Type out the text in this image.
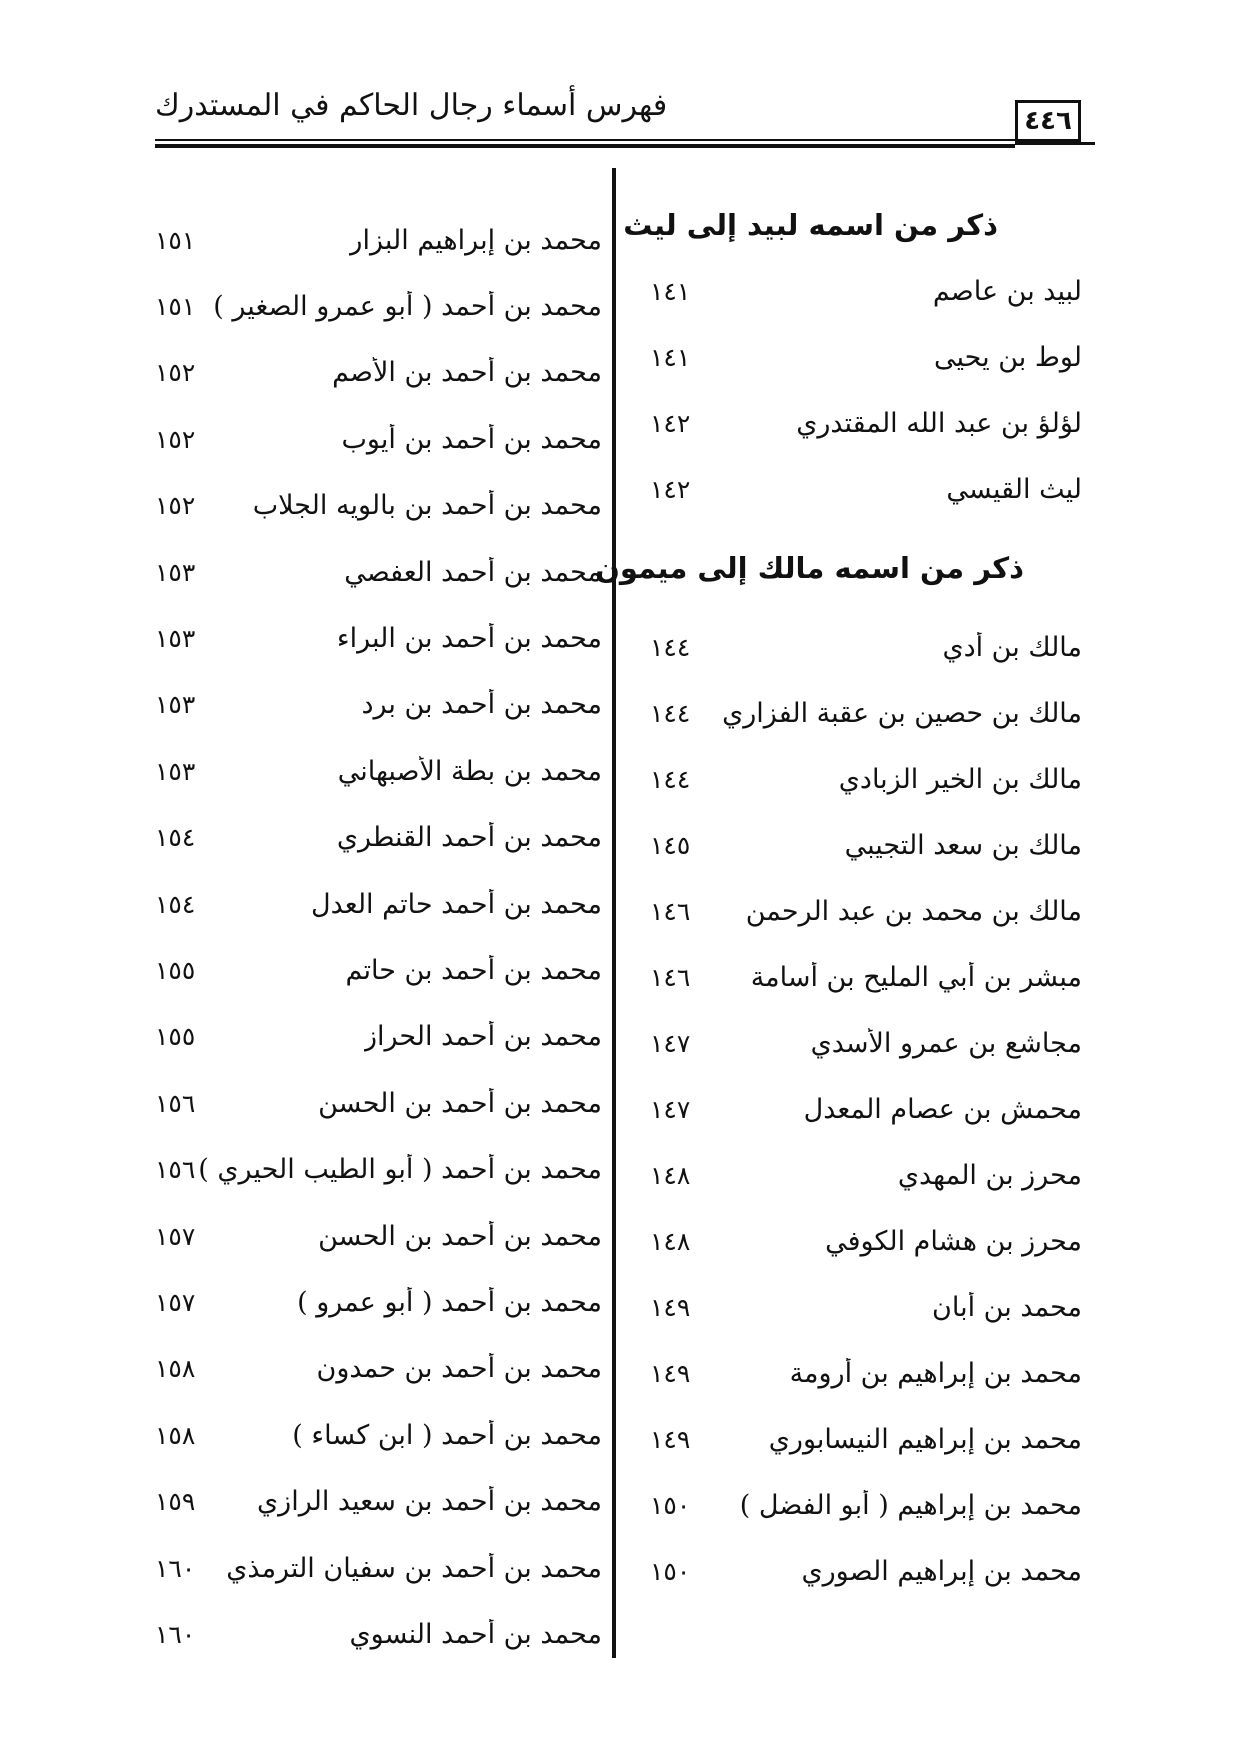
فهرس أسماء رجال الحاكم في المستدرك	٤٤٦
ذكر من اسمه لبيد إلى ليث
لبيد بن عاصم
١٤١
لوط بن يحيى
١٤١
لؤلؤ بن عبد الله المقتدري
١٤٢
ليث القيسي
١٤٢
ذكر من اسمه مالك إلى ميمون
مالك بن أدي
١٤٤
مالك بن حصين بن عقبة الفزاري
١٤٤
مالك بن الخير الزبادي
١٤٤
مالك بن سعد التجيبي
١٤٥
مالك بن محمد بن عبد الرحمن
١٤٦
مبشر بن أبي المليح بن أسامة
١٤٦
مجاشع بن عمرو الأسدي
١٤٧
محمش بن عصام المعدل
١٤٧
محرز بن المهدي
١٤٨
محرز بن هشام الكوفي
١٤٨
محمد بن أبان
١٤٩
محمد بن إبراهيم بن أرومة
١٤٩
محمد بن إبراهيم النيسابوري
١٤٩
محمد بن إبراهيم ( أبو الفضل )
١٥٠
محمد بن إبراهيم الصوري
١٥٠
محمد بن إبراهيم البزار
١٥١
محمد بن أحمد ( أبو عمرو الصغير )
١٥١
محمد بن أحمد بن الأصم
١٥٢
محمد بن أحمد بن أيوب
١٥٢
محمد بن أحمد بن بالويه الجلاب
١٥٢
محمد بن أحمد العفصي
١٥٣
محمد بن أحمد بن البراء
١٥٣
محمد بن أحمد بن برد
١٥٣
محمد بن بطة الأصبهاني
١٥٣
محمد بن أحمد القنطري
١٥٤
محمد بن أحمد حاتم العدل
١٥٤
محمد بن أحمد بن حاتم
١٥٥
محمد بن أحمد الحراز
١٥٥
محمد بن أحمد بن الحسن
١٥٦
محمد بن أحمد ( أبو الطيب الحيري )
١٥٦
محمد بن أحمد بن الحسن
١٥٧
محمد بن أحمد ( أبو عمرو )
١٥٧
محمد بن أحمد بن حمدون
١٥٨
محمد بن أحمد ( ابن كساء )
١٥٨
محمد بن أحمد بن سعيد الرازي
١٥٩
محمد بن أحمد بن سفيان الترمذي
١٦٠
محمد بن أحمد النسوي
١٦٠
